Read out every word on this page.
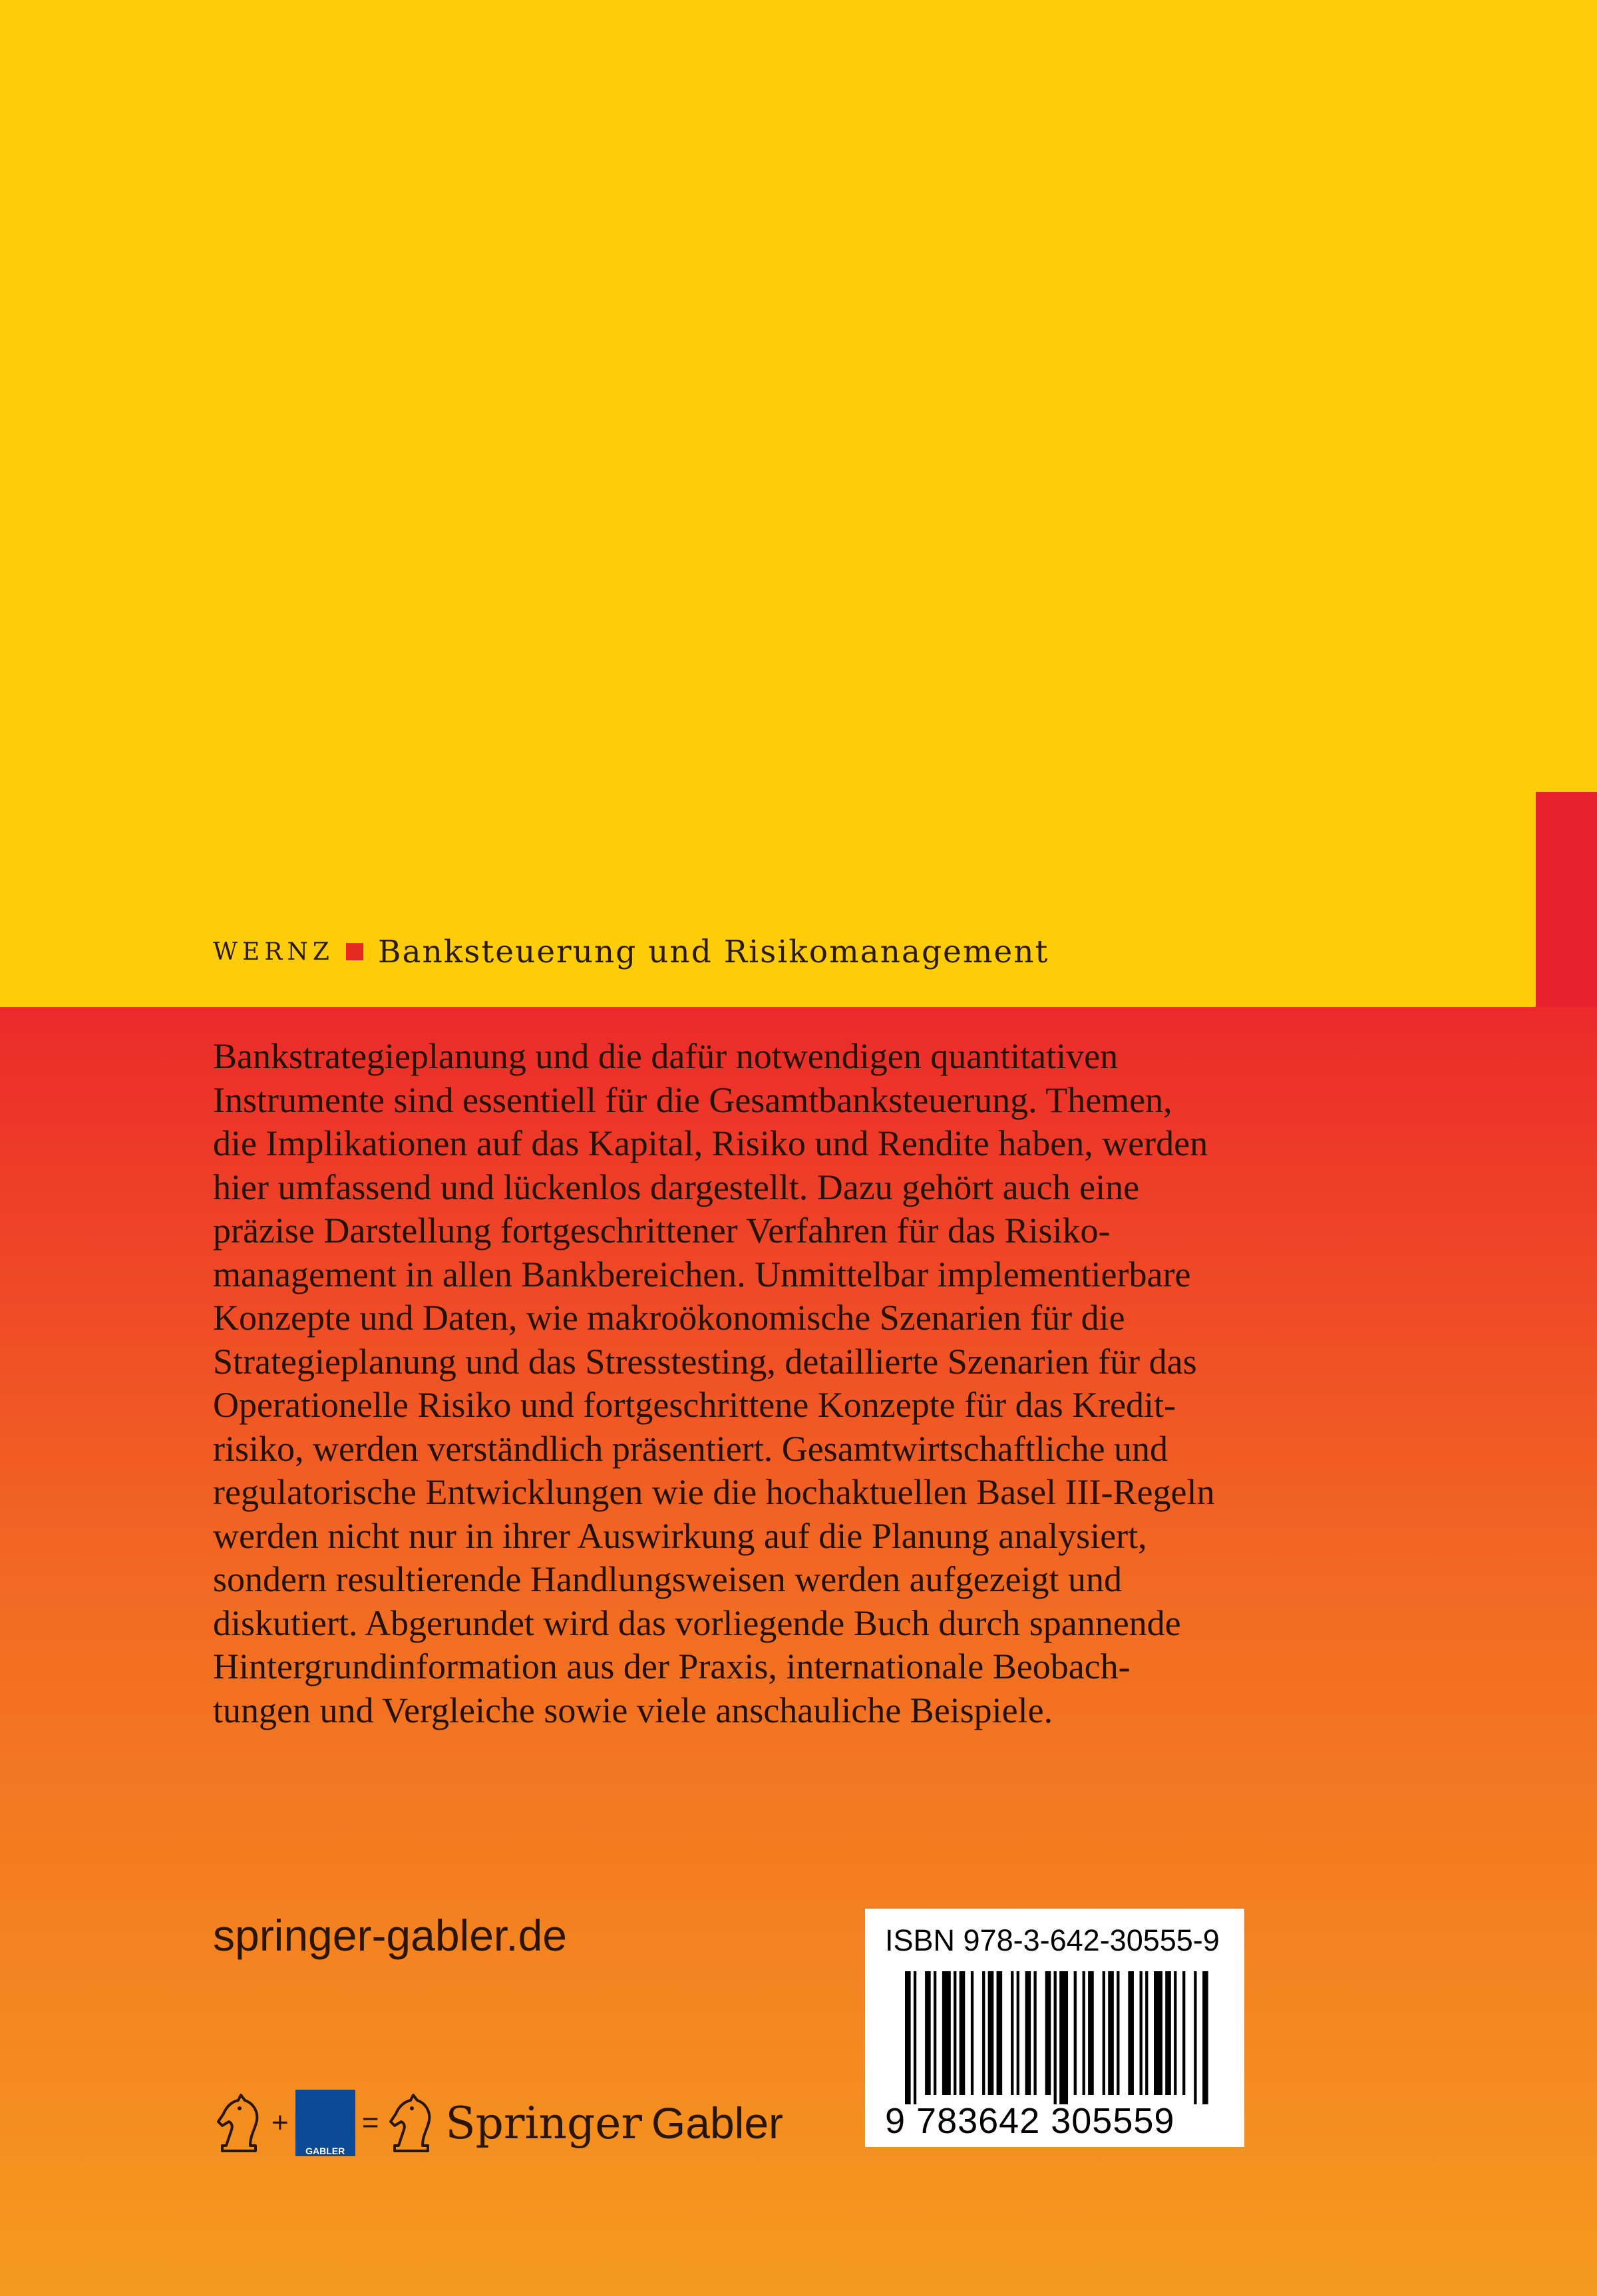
WERNZ Banksteuerung und Risikomanagement

Bankstrategieplanung und die dafür notwendigen quantitativen
Instrumente sind essentiell für die Gesamtbanksteuerung. Themen,
die Implikationen auf das Kapital, Risiko und Rendite haben, werden
hier umfassend und lückenlos dargestellt. Dazu gehört auch eine
präzise Darstellung fortgeschrittener Verfahren für das Risiko-
management in allen Bankbereichen. Unmittelbar implementierbare
Konzepte und Daten, wie makroökonomische Szenarien für die
Strategieplanung und das Stresstesting, detaillierte Szenarien für das
Operationelle Risiko und fortgeschrittene Konzepte für das Kredit-
risiko, werden verständlich präsentiert. Gesamtwirtschaftliche und
regulatorische Entwicklungen wie die hochaktuellen Basel III-Regeln
werden nicht nur in ihrer Auswirkung auf die Planung analysiert,
sondern resultierende Handlungsweisen werden aufgezeigt und
diskutiert. Abgerundet wird das vorliegende Buch durch spannende
Hintergrundinformation aus der Praxis, internationale Beobach-
tungen und Vergleiche sowie viele anschauliche Beispiele.

springer-gabler.de	ISBN 978-3-642-30555-9
9 783642 305559
+
GABLER
= Springer Gabler
